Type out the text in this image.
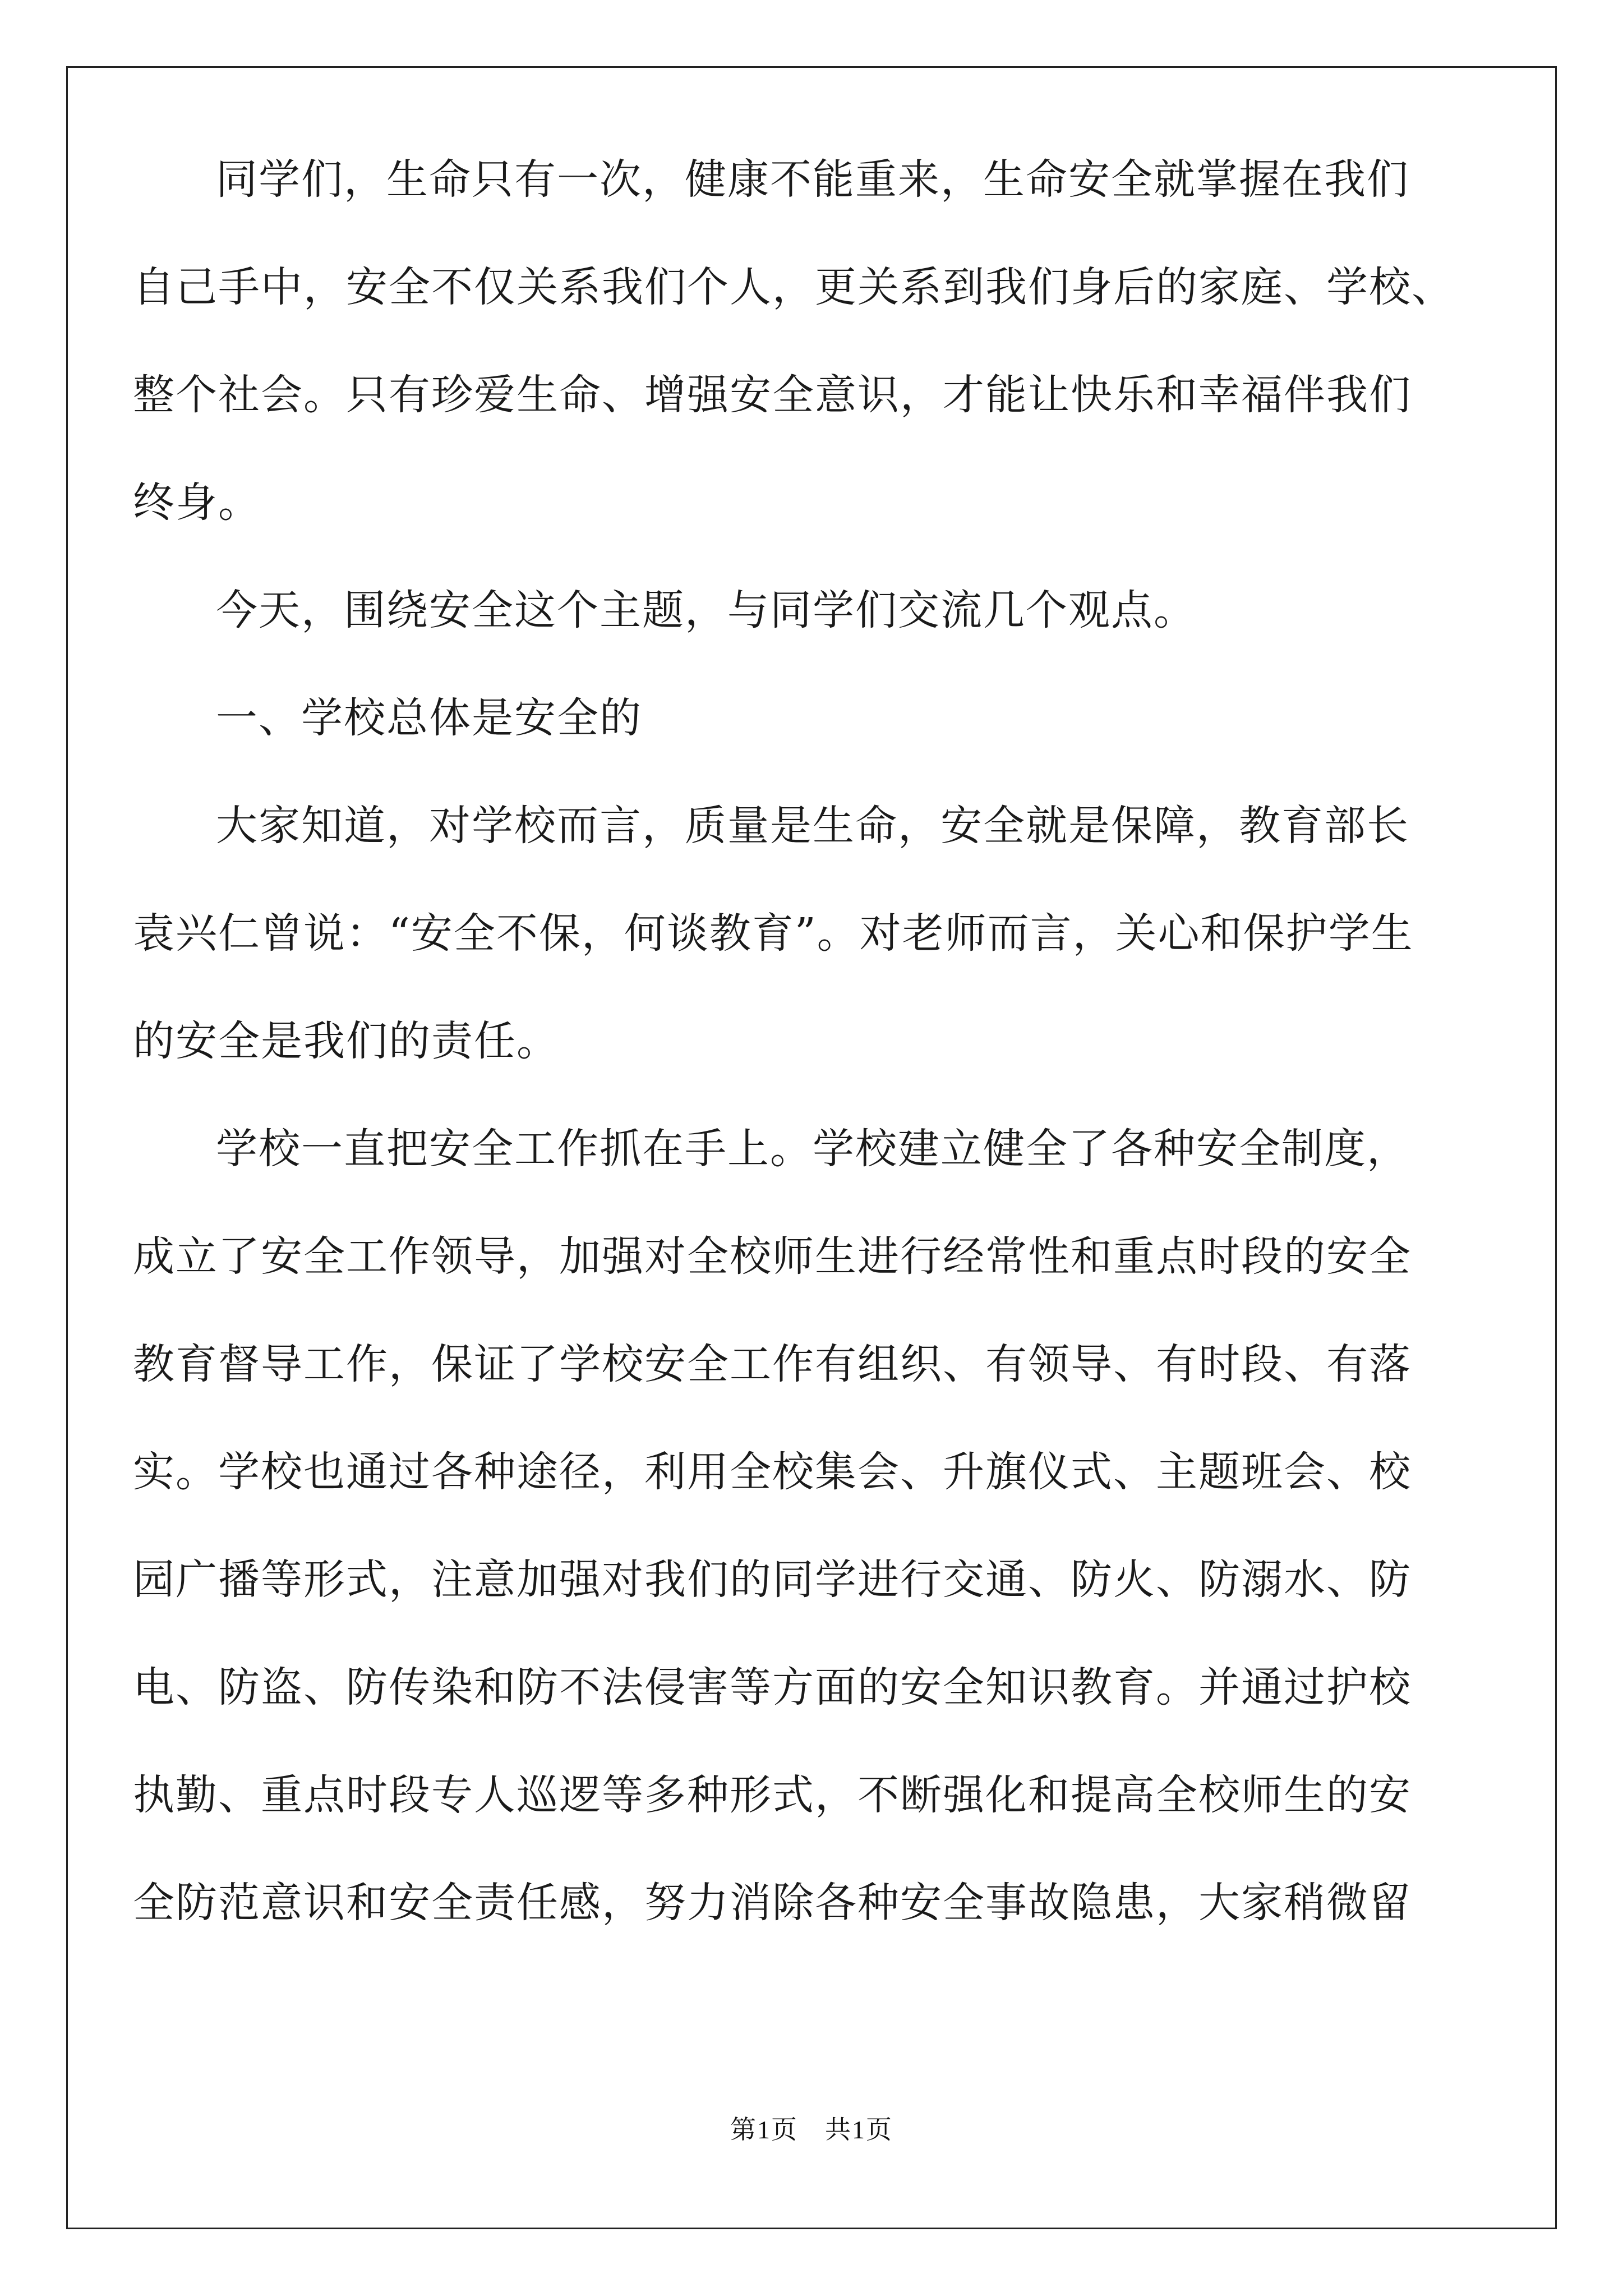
同学们，生命只有一次，健康不能重来，生命安全就掌握在我们
自己手中，安全不仅关系我们个人，更关系到我们身后的家庭、学校、
整个社会。只有珍爱生命、增强安全意识，才能让快乐和幸福伴我们
终身。
今天，围绕安全这个主题，与同学们交流几个观点。
一、学校总体是安全的
大家知道，对学校而言，质量是生命，安全就是保障，教育部长
袁兴仁曾说：“安全不保，何谈教育”。对老师而言，关心和保护学生
的安全是我们的责任。
学校一直把安全工作抓在手上。学校建立健全了各种安全制度，
成立了安全工作领导，加强对全校师生进行经常性和重点时段的安全
教育督导工作，保证了学校安全工作有组织、有领导、有时段、有落
实。学校也通过各种途径，利用全校集会、升旗仪式、主题班会、校
园广播等形式，注意加强对我们的同学进行交通、防火、防溺水、防
电、防盗、防传染和防不法侵害等方面的安全知识教育。并通过护校
执勤、重点时段专人巡逻等多种形式，不断强化和提高全校师生的安
全防范意识和安全责任感，努力消除各种安全事故隐患，大家稍微留
第1页　共1页
